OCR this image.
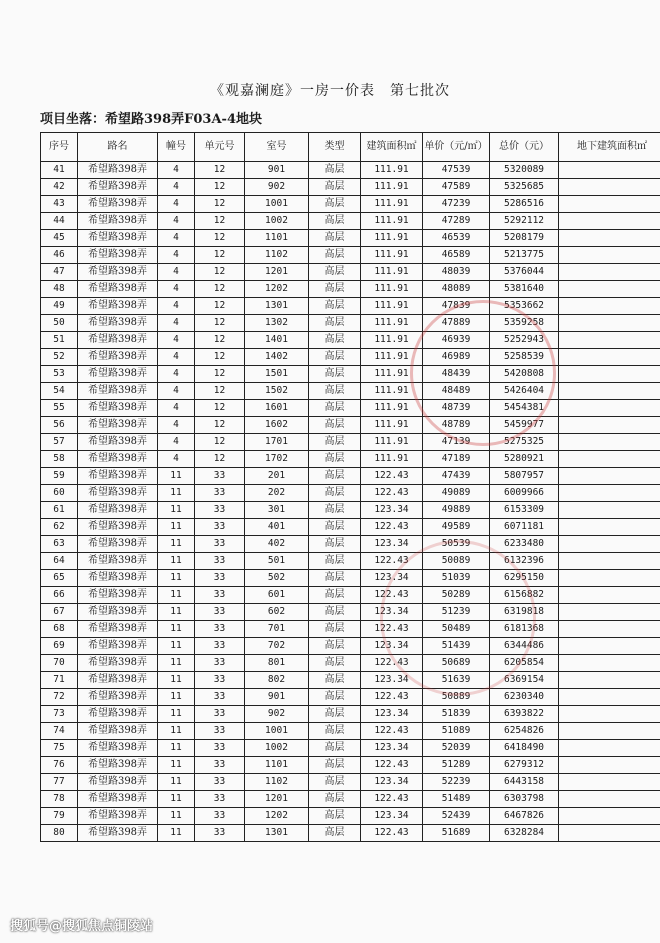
《观嘉澜庭》一房一价表　第七批次
项目坐落：希望路398弄F03A-4地块
序号	路名	幢号	单元号	室号	类型	建筑面积㎡	单价（元/㎡）	总价（元）	地下建筑面积㎡
41	希望路398弄	4	12	901	高层	111.91	47539	5320089	
42	希望路398弄	4	12	902	高层	111.91	47589	5325685	
43	希望路398弄	4	12	1001	高层	111.91	47239	5286516	
44	希望路398弄	4	12	1002	高层	111.91	47289	5292112	
45	希望路398弄	4	12	1101	高层	111.91	46539	5208179	
46	希望路398弄	4	12	1102	高层	111.91	46589	5213775	
47	希望路398弄	4	12	1201	高层	111.91	48039	5376044	
48	希望路398弄	4	12	1202	高层	111.91	48089	5381640	
49	希望路398弄	4	12	1301	高层	111.91	47839	5353662	
50	希望路398弄	4	12	1302	高层	111.91	47889	5359258	
51	希望路398弄	4	12	1401	高层	111.91	46939	5252943	
52	希望路398弄	4	12	1402	高层	111.91	46989	5258539	
53	希望路398弄	4	12	1501	高层	111.91	48439	5420808	
54	希望路398弄	4	12	1502	高层	111.91	48489	5426404	
55	希望路398弄	4	12	1601	高层	111.91	48739	5454381	
56	希望路398弄	4	12	1602	高层	111.91	48789	5459977	
57	希望路398弄	4	12	1701	高层	111.91	47139	5275325	
58	希望路398弄	4	12	1702	高层	111.91	47189	5280921	
59	希望路398弄	11	33	201	高层	122.43	47439	5807957	
60	希望路398弄	11	33	202	高层	122.43	49089	6009966	
61	希望路398弄	11	33	301	高层	123.34	49889	6153309	
62	希望路398弄	11	33	401	高层	122.43	49589	6071181	
63	希望路398弄	11	33	402	高层	123.34	50539	6233480	
64	希望路398弄	11	33	501	高层	122.43	50089	6132396	
65	希望路398弄	11	33	502	高层	123.34	51039	6295150	
66	希望路398弄	11	33	601	高层	122.43	50289	6156882	
67	希望路398弄	11	33	602	高层	123.34	51239	6319818	
68	希望路398弄	11	33	701	高层	122.43	50489	6181368	
69	希望路398弄	11	33	702	高层	123.34	51439	6344486	
70	希望路398弄	11	33	801	高层	122.43	50689	6205854	
71	希望路398弄	11	33	802	高层	123.34	51639	6369154	
72	希望路398弄	11	33	901	高层	122.43	50889	6230340	
73	希望路398弄	11	33	902	高层	123.34	51839	6393822	
74	希望路398弄	11	33	1001	高层	122.43	51089	6254826	
75	希望路398弄	11	33	1002	高层	123.34	52039	6418490	
76	希望路398弄	11	33	1101	高层	122.43	51289	6279312	
77	希望路398弄	11	33	1102	高层	123.34	52239	6443158	
78	希望路398弄	11	33	1201	高层	122.43	51489	6303798	
79	希望路398弄	11	33	1202	高层	123.34	52439	6467826	
80	希望路398弄	11	33	1301	高层	122.43	51689	6328284	
搜狐号@搜狐焦点铜陵站
